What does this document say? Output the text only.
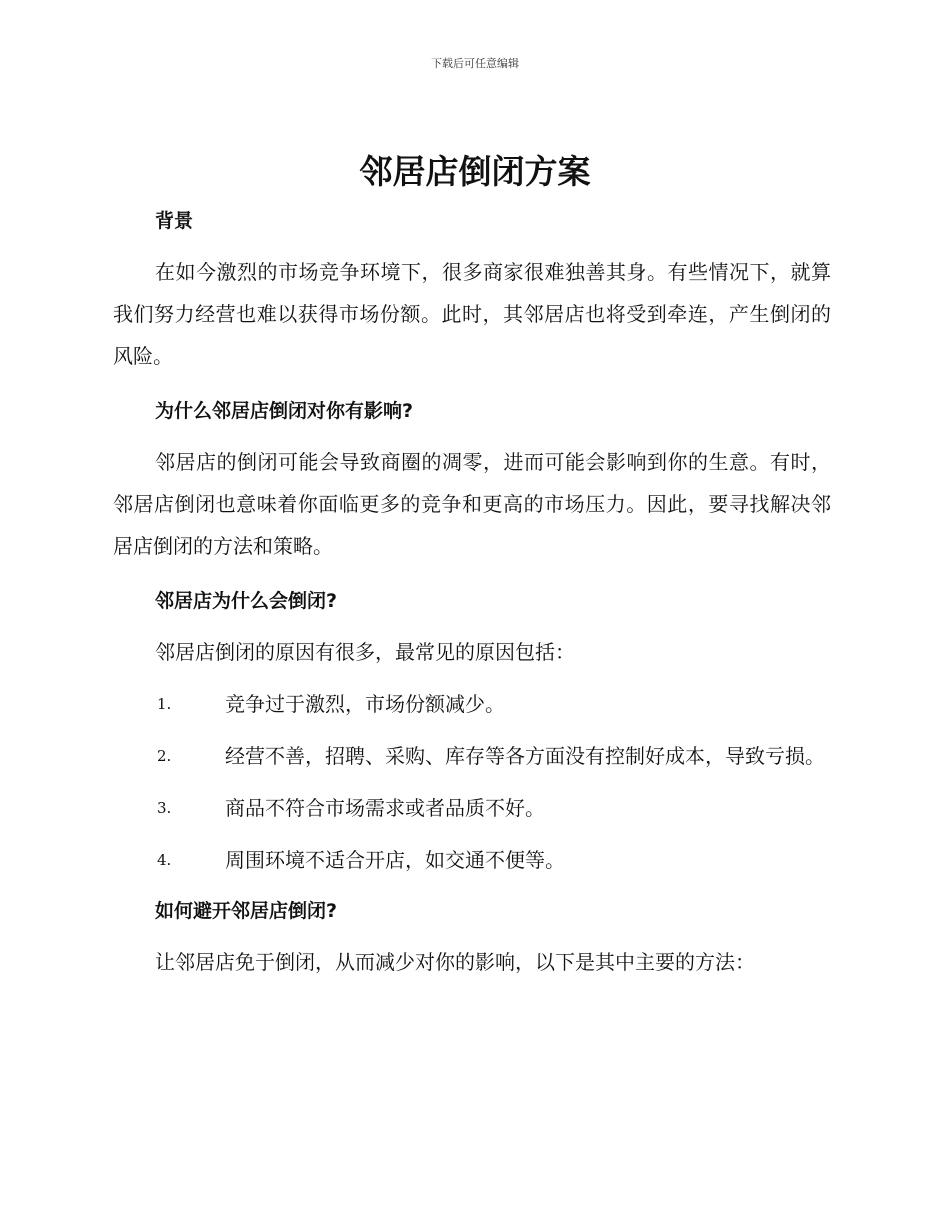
下载后可任意编辑
邻居店倒闭方案

背景

在如今激烈的市场竞争环境下，很多商家很难独善其身。有些情况下，就算我们努力经营也难以获得市场份额。此时，其邻居店也将受到牵连，产生倒闭的风险。

为什么邻居店倒闭对你有影响?

邻居店的倒闭可能会导致商圈的凋零，进而可能会影响到你的生意。有时，邻居店倒闭也意味着你面临更多的竞争和更高的市场压力。因此，要寻找解决邻居店倒闭的方法和策略。

邻居店为什么会倒闭?

邻居店倒闭的原因有很多，最常见的原因包括：

1.	竞争过于激烈，市场份额减少。

2.	经营不善，招聘、采购、库存等各方面没有控制好成本，导致亏损。

3.	商品不符合市场需求或者品质不好。

4.	周围环境不适合开店，如交通不便等。

如何避开邻居店倒闭?

让邻居店免于倒闭，从而减少对你的影响，以下是其中主要的方法：
